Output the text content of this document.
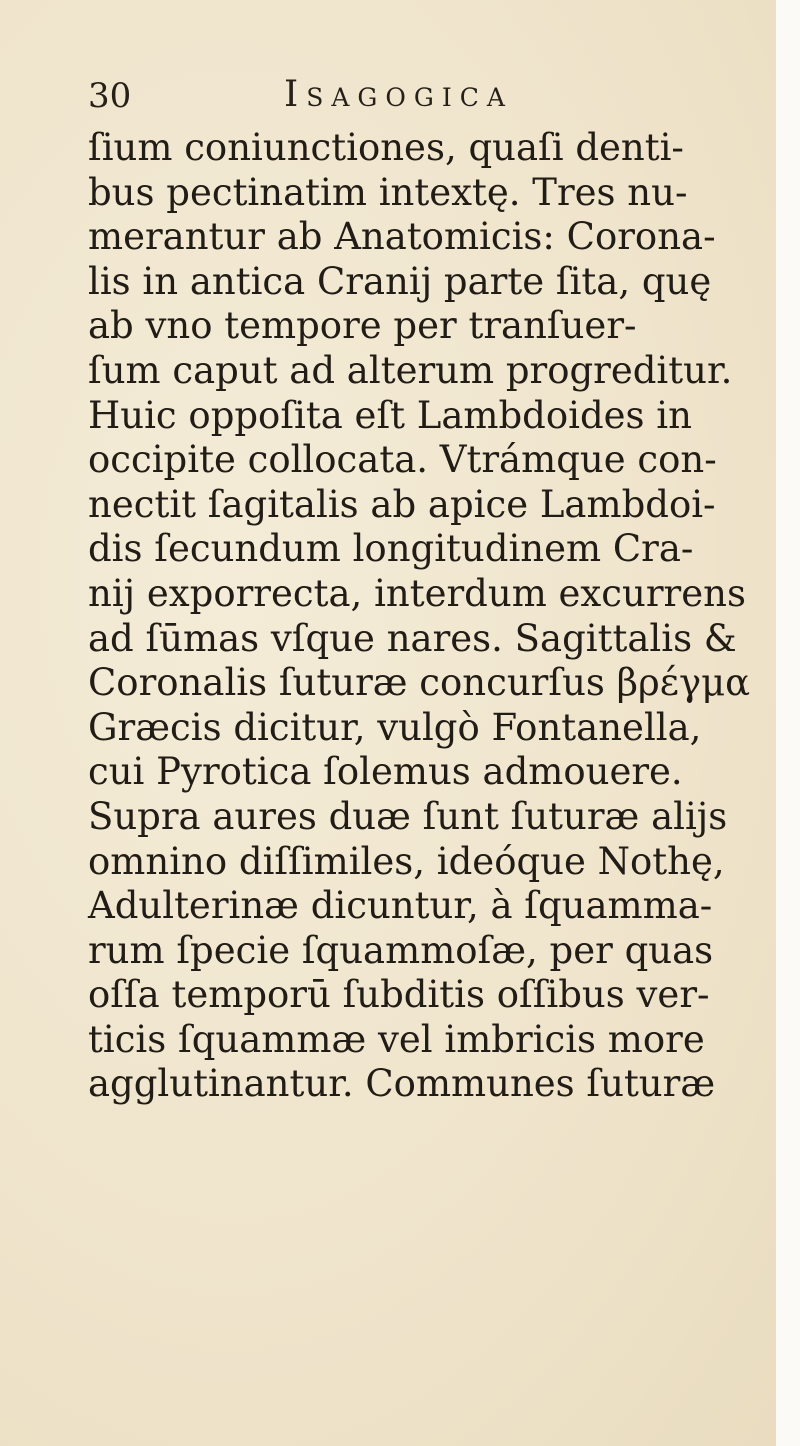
30	Isagogica
ſium coniunctiones, quaſi denti-
bus pectinatim intextę. Tres nu-
merantur ab Anatomicis: Corona-
lis in antica Cranij parte ſita, quę
ab vno tempore per tranſuer-
ſum caput ad alterum progreditur.
Huic oppoſita eſt Lambdoides in
occipite collocata. Vtrámque con-
nectit ſagitalis ab apice Lambdoi-
dis ſecundum longitudinem Cra-
nij exporrecta, interdum excurrens
ad ſūmas vſque nares. Sagittalis &
Coronalis ſuturæ concurſus βρέγμα
Græcis dicitur, vulgò Fontanella,
cui Pyrotica ſolemus admouere.
Supra aures duæ ſunt ſuturæ alijs
omnino diſſimiles, ideóque Nothę,
Adulterinæ dicuntur, à ſquamma-
rum ſpecie ſquammoſæ, per quas
oſſa temporū ſubditis oſſibus ver-
ticis ſquammæ vel imbricis more
agglutinantur. Communes ſuturæ
